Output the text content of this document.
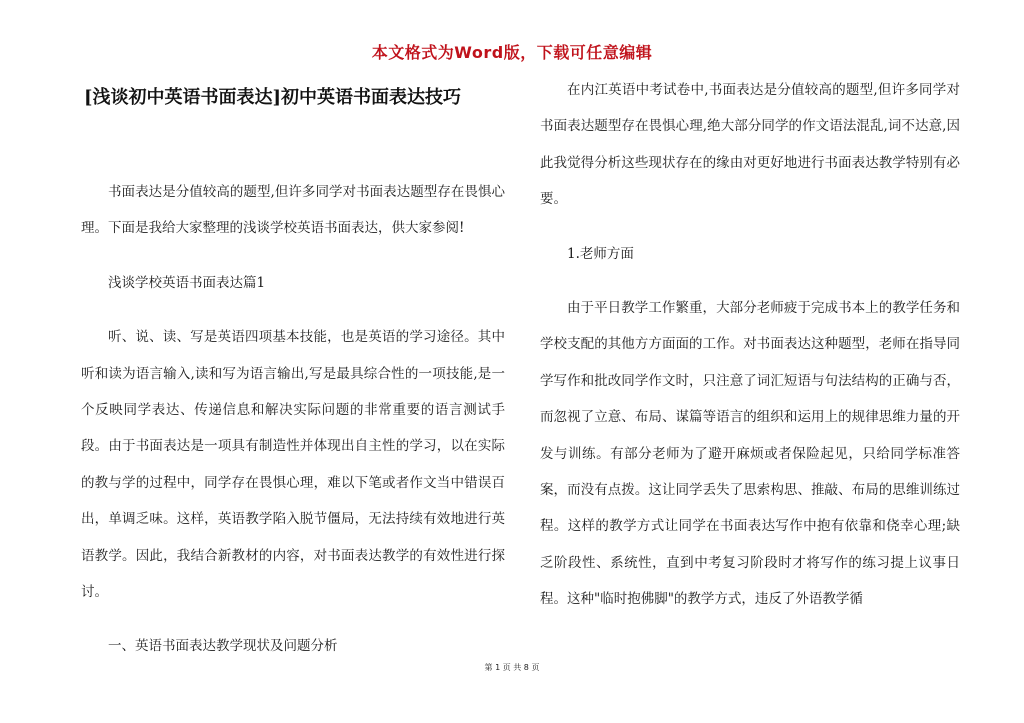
本文格式为Word版，下载可任意编辑
[浅谈初中英语书面表达]初中英语书面表达技巧

书面表达是分值较高的题型,但许多同学对书面表达题型存在畏惧心理。下面是我给大家整理的浅谈学校英语书面表达，供大家参阅!

浅谈学校英语书面表达篇1

听、说、读、写是英语四项基本技能，也是英语的学习途径。其中听和读为语言输入,读和写为语言输出,写是最具综合性的一项技能,是一个反映同学表达、传递信息和解决实际问题的非常重要的语言测试手段。由于书面表达是一项具有制造性并体现出自主性的学习，以在实际的教与学的过程中，同学存在畏惧心理，难以下笔或者作文当中错误百出，单调乏味。这样，英语教学陷入脱节僵局，无法持续有效地进行英语教学。因此，我结合新教材的内容，对书面表达教学的有效性进行探讨。

一、英语书面表达教学现状及问题分析

在内江英语中考试卷中,书面表达是分值较高的题型,但许多同学对书面表达题型存在畏惧心理,绝大部分同学的作文语法混乱,词不达意,因此我觉得分析这些现状存在的缘由对更好地进行书面表达教学特别有必要。

1.老师方面

由于平日教学工作繁重，大部分老师疲于完成书本上的教学任务和学校支配的其他方方面面的工作。对书面表达这种题型，老师在指导同学写作和批改同学作文时，只注意了词汇短语与句法结构的正确与否，而忽视了立意、布局、谋篇等语言的组织和运用上的规律思维力量的开发与训练。有部分老师为了避开麻烦或者保险起见，只给同学标准答案，而没有点拨。这让同学丢失了思索构思、推敲、布局的思维训练过程。这样的教学方式让同学在书面表达写作中抱有依靠和侥幸心理;缺乏阶段性、系统性，直到中考复习阶段时才将写作的练习提上议事日程。这种"临时抱佛脚"的教学方式，违反了外语教学循

第 1 页 共 8 页
